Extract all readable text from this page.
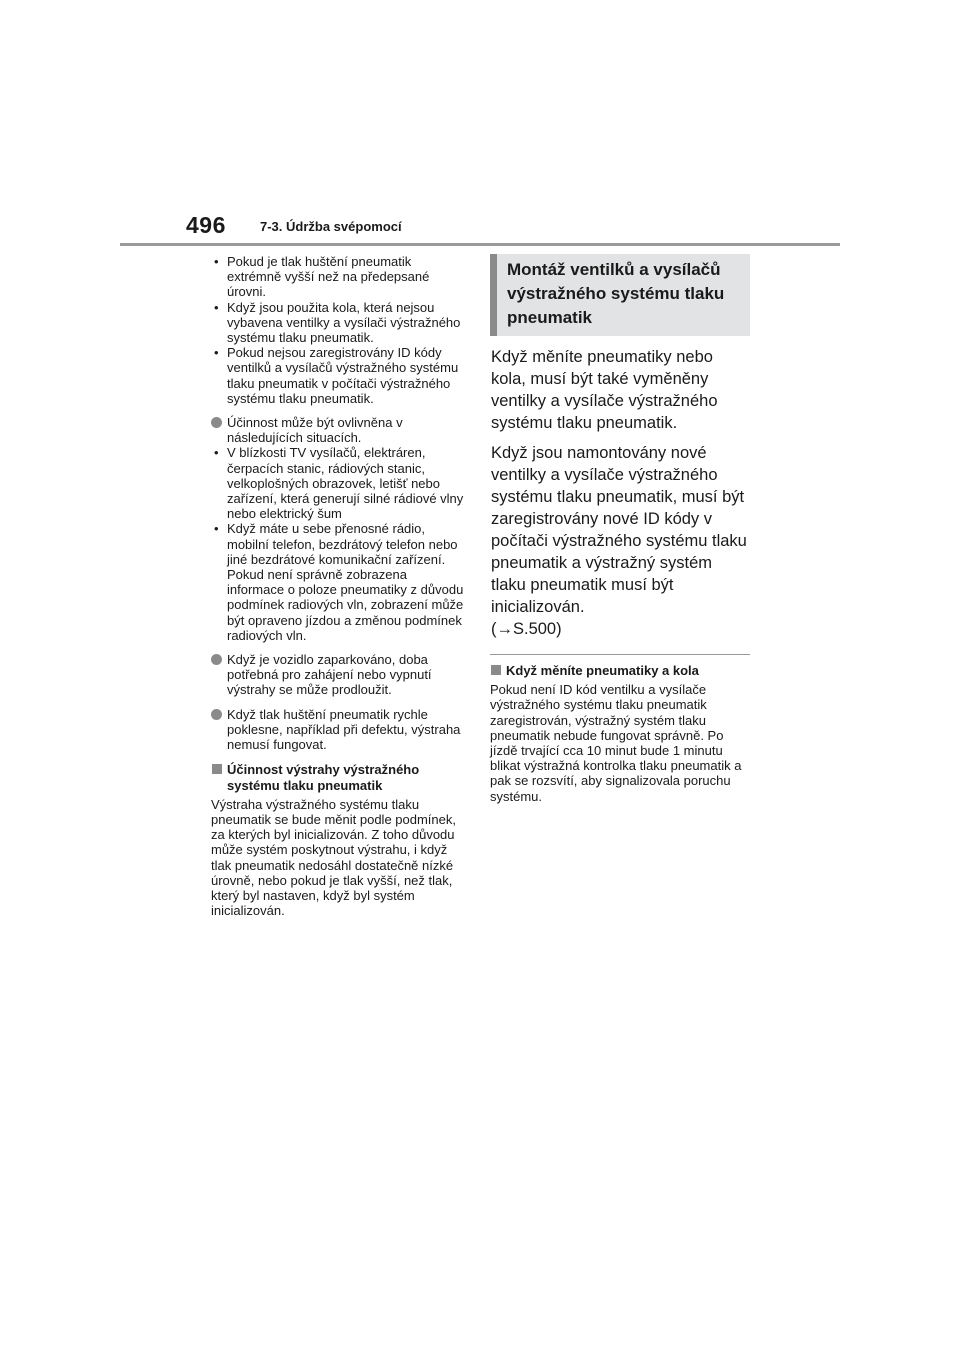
496	7-3. Údržba svépomocí
• Pokud je tlak huštění pneumatik extrémně vyšší než na předepsané úrovni.
• Když jsou použita kola, která nejsou vybavena ventilky a vysílači výstražného systému tlaku pneumatik.
• Pokud nejsou zaregistrovány ID kódy ventilků a vysílačů výstražného systému tlaku pneumatik v počítači výstražného systému tlaku pneumatik.
Účinnost může být ovlivněna v následujících situacích.
• V blízkosti TV vysílačů, elektráren, čerpacích stanic, rádiových stanic, velkoplošných obrazovek, letišť nebo zařízení, která generují silné rádiové vlny nebo elektrický šum
• Když máte u sebe přenosné rádio, mobilní telefon, bezdrátový telefon nebo jiné bezdrátové komunikační zařízení.
Pokud není správně zobrazena informace o poloze pneumatiky z důvodu podmínek radiových vln, zobrazení může být opraveno jízdou a změnou podmínek radiových vln.
Když je vozidlo zaparkováno, doba potřebná pro zahájení nebo vypnutí výstrahy se může prodloužit.
Když tlak huštění pneumatik rychle poklesne, například při defektu, výstraha nemusí fungovat.
Účinnost výstrahy výstražného systému tlaku pneumatik

Výstraha výstražného systému tlaku pneumatik se bude měnit podle podmínek, za kterých byl inicializován. Z toho důvodu může systém poskytnout výstrahu, i když tlak pneumatik nedosáhl dostatečně nízké úrovně, nebo pokud je tlak vyšší, než tlak, který byl nastaven, když byl systém inicializován.

Montáž ventilků a vysílačů výstražného systému tlaku pneumatik

Když měníte pneumatiky nebo kola, musí být také vyměněny ventilky a vysílače výstražného systému tlaku pneumatik.

Když jsou namontovány nové ventilky a vysílače výstražného systému tlaku pneumatik, musí být zaregistrovány nové ID kódy v počítači výstražného systému tlaku pneumatik a výstražný systém tlaku pneumatik musí být inicializován.
(→S.500)

Když měníte pneumatiky a kola

Pokud není ID kód ventilku a vysílače výstražného systému tlaku pneumatik zaregistrován, výstražný systém tlaku pneumatik nebude fungovat správně. Po jízdě trvající cca 10 minut bude 1 minutu blikat výstražná kontrolka tlaku pneumatik a pak se rozsvítí, aby signalizovala poruchu systému.
